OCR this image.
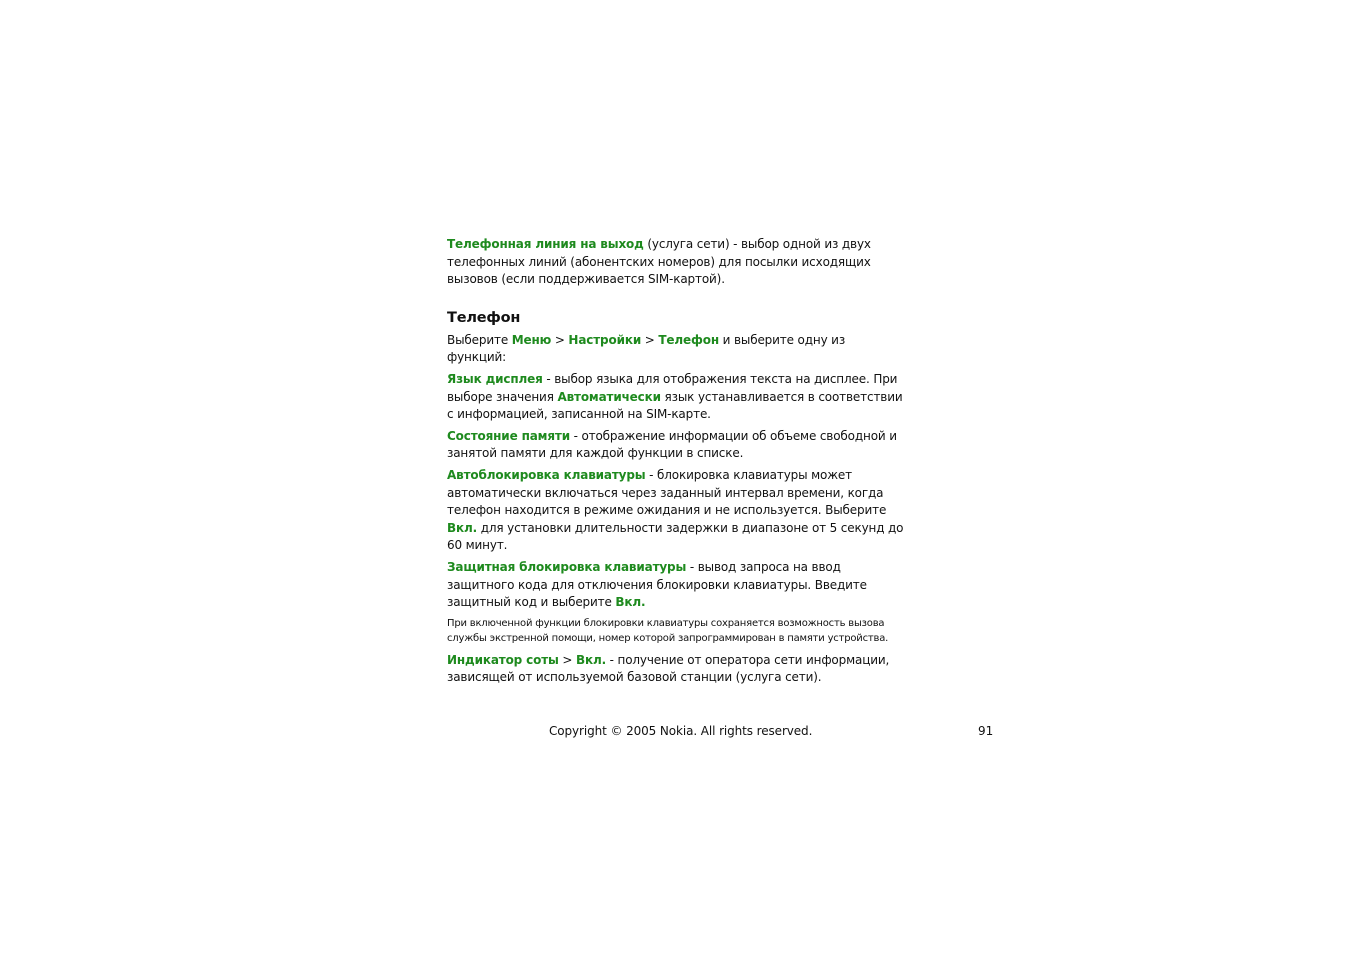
Телефонная линия на выход (услуга сети) - выбор одной из двух телефонных линий (абонентских номеров) для посылки исходящих вызовов (если поддерживается SIM-картой).

Телефон

Выберите Меню > Настройки > Телефон и выберите одну из функций:

Язык дисплея - выбор языка для отображения текста на дисплее. При выборе значения Автоматически язык устанавливается в соответствии с информацией, записанной на SIM-карте.

Состояние памяти - отображение информации об объеме свободной и занятой памяти для каждой функции в списке.

Автоблокировка клавиатуры - блокировка клавиатуры может автоматически включаться через заданный интервал времени, когда телефон находится в режиме ожидания и не используется. Выберите Вкл. для установки длительности задержки в диапазоне от 5 секунд до 60 минут.

Защитная блокировка клавиатуры - вывод запроса на ввод защитного кода для отключения блокировки клавиатуры. Введите защитный код и выберите Вкл.

При включенной функции блокировки клавиатуры сохраняется возможность вызова службы экстренной помощи, номер которой запрограммирован в памяти устройства.

Индикатор соты > Вкл. - получение от оператора сети информации, зависящей от используемой базовой станции (услуга сети).

Copyright © 2005 Nokia. All rights reserved.	91
